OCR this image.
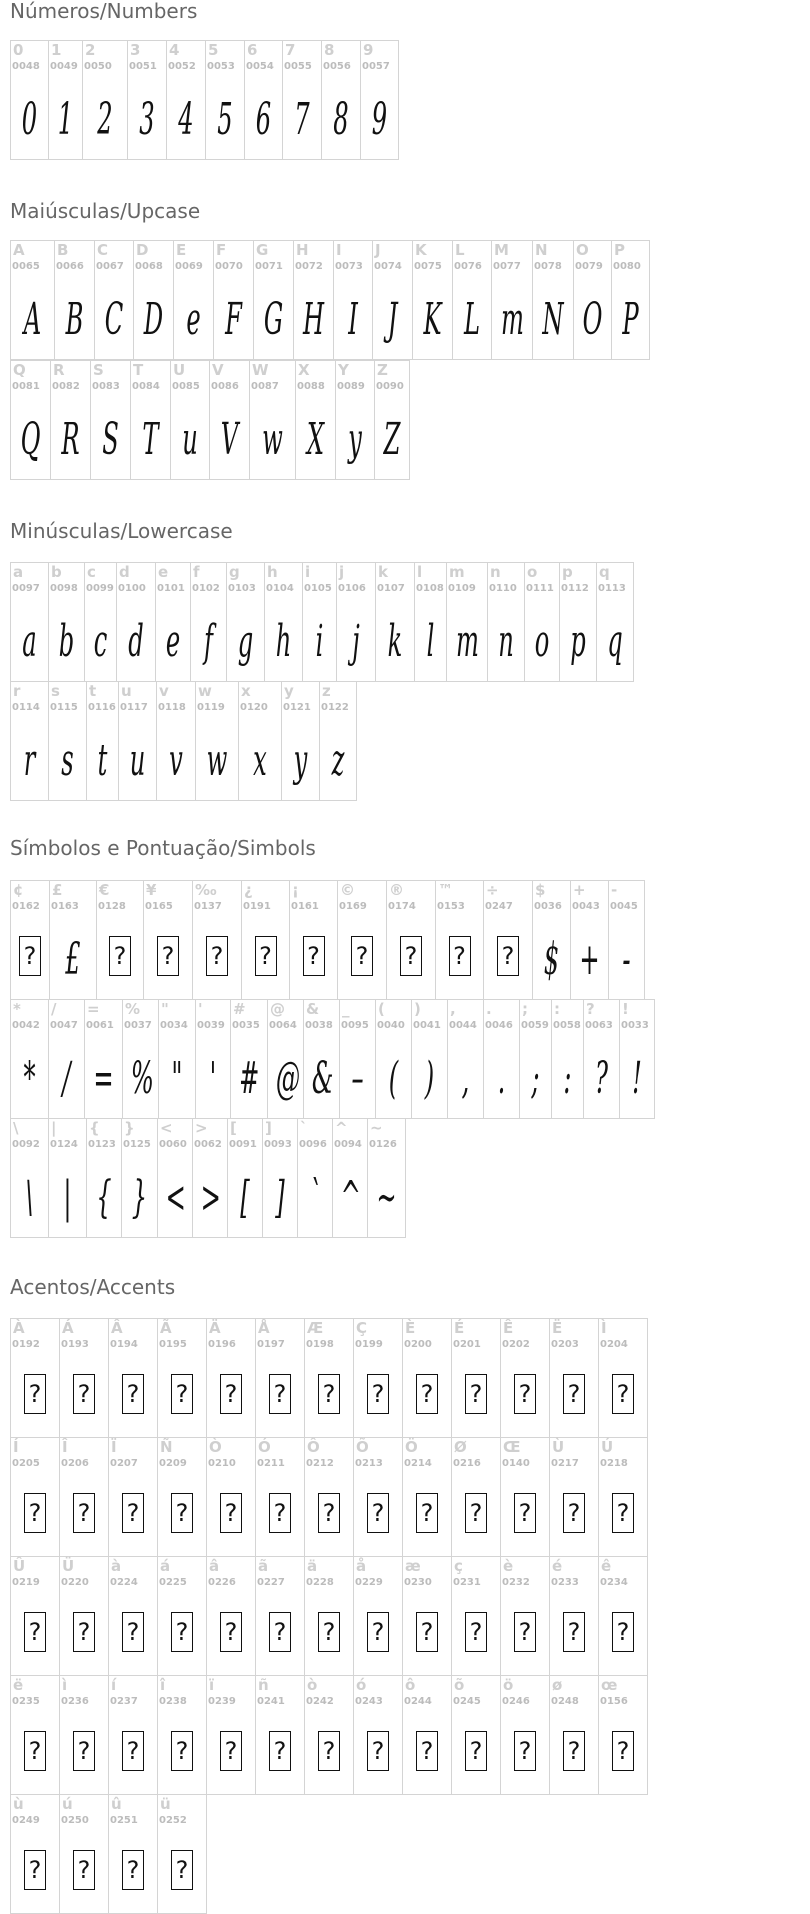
Números/Numbers
0
0048
0
1
0049
1
2
0050
2
3
0051
3
4
0052
4
5
0053
5
6
0054
6
7
0055
7
8
0056
8
9
0057
9
Maiúsculas/Upcase
A
0065
A
B
0066
B
C
0067
C
D
0068
D
E
0069
e
F
0070
F
G
0071
G
H
0072
H
I
0073
I
J
0074
J
K
0075
K
L
0076
L
M
0077
m
N
0078
N
O
0079
O
P
0080
P
Q
0081
Q
R
0082
R
S
0083
S
T
0084
T
U
0085
u
V
0086
V
W
0087
w
X
0088
X
Y
0089
y
Z
0090
Z
Minúsculas/Lowercase
a
0097
a
b
0098
b
c
0099
c
d
0100
d
e
0101
e
f
0102
f
g
0103
g
h
0104
h
i
0105
i
j
0106
j
k
0107
k
l
0108
l
m
0109
m
n
0110
n
o
0111
o
p
0112
p
q
0113
q
r
0114
r
s
0115
s
t
0116
t
u
0117
u
v
0118
v
w
0119
w
x
0120
x
y
0121
y
z
0122
z
Símbolos e Pontuação/Simbols
¢
0162
?
£
0163
£
€
0128
?
¥
0165
?
‰
0137
?
¿
0191
?
¡
0161
?
©
0169
?
®
0174
?
™
0153
?
÷
0247
?
$
0036
$
+
0043
+
-
0045
-
*
0042
*
/
0047
/
=
0061
=
%
0037
%
"
0034
"
'
0039
'
#
0035
#
@
0064
@
&
0038
&
_
0095
–
(
0040
(
)
0041
)
,
0044
,
.
0046
.
;
0059
;
:
0058
:
?
0063
?
!
0033
!
\
0092
\
|
0124
|
{
0123
{
}
0125
}
<
0060
<
>
0062
>
[
0091
[
]
0093
]
`
0096
`
^
0094
^
~
0126
~
Acentos/Accents
À
0192
?
Á
0193
?
Â
0194
?
Ã
0195
?
Ä
0196
?
Å
0197
?
Æ
0198
?
Ç
0199
?
È
0200
?
É
0201
?
Ê
0202
?
Ë
0203
?
Ì
0204
?
Í
0205
?
Î
0206
?
Ï
0207
?
Ñ
0209
?
Ò
0210
?
Ó
0211
?
Ô
0212
?
Õ
0213
?
Ö
0214
?
Ø
0216
?
Œ
0140
?
Ù
0217
?
Ú
0218
?
Û
0219
?
Ü
0220
?
à
0224
?
á
0225
?
â
0226
?
ã
0227
?
ä
0228
?
å
0229
?
æ
0230
?
ç
0231
?
è
0232
?
é
0233
?
ê
0234
?
ë
0235
?
ì
0236
?
í
0237
?
î
0238
?
ï
0239
?
ñ
0241
?
ò
0242
?
ó
0243
?
ô
0244
?
õ
0245
?
ö
0246
?
ø
0248
?
œ
0156
?
ù
0249
?
ú
0250
?
û
0251
?
ü
0252
?
